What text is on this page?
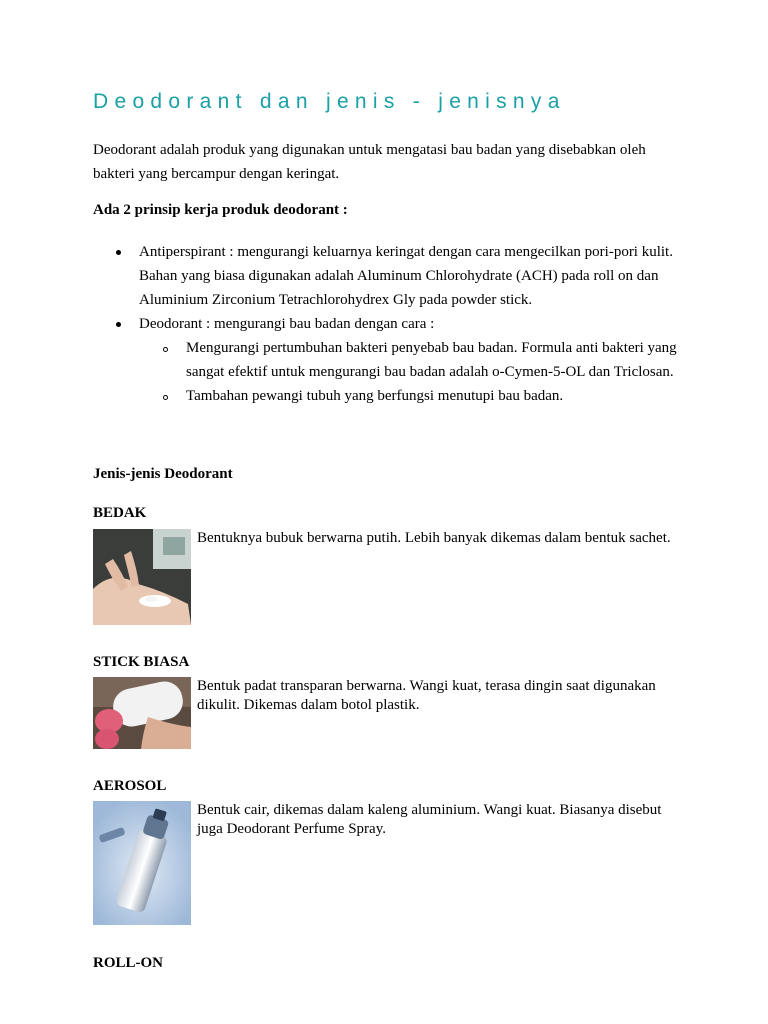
Deodorant dan jenis - jenisnya
Deodorant adalah produk yang digunakan untuk mengatasi bau badan yang disebabkan oleh bakteri yang bercampur dengan keringat.
Ada 2 prinsip kerja produk deodorant :
Antiperspirant : mengurangi keluarnya keringat dengan cara mengecilkan pori-pori kulit. Bahan yang biasa digunakan adalah Aluminum Chlorohydrate (ACH) pada roll on dan Aluminium Zirconium Tetrachlorohydrex Gly pada powder stick.
Deodorant : mengurangi bau badan dengan cara :
Mengurangi pertumbuhan bakteri penyebab bau badan. Formula anti bakteri yang sangat efektif untuk mengurangi bau badan adalah o-Cymen-5-OL dan Triclosan.
Tambahan pewangi tubuh yang berfungsi menutupi bau badan.
Jenis-jenis Deodorant
BEDAK
Bentuknya bubuk berwarna putih. Lebih banyak dikemas dalam bentuk sachet.
STICK BIASA
Bentuk padat transparan berwarna. Wangi kuat, terasa dingin saat digunakan dikulit. Dikemas dalam botol plastik.
AEROSOL
Bentuk cair, dikemas dalam kaleng aluminium. Wangi kuat. Biasanya disebut juga Deodorant Perfume Spray.
ROLL-ON
